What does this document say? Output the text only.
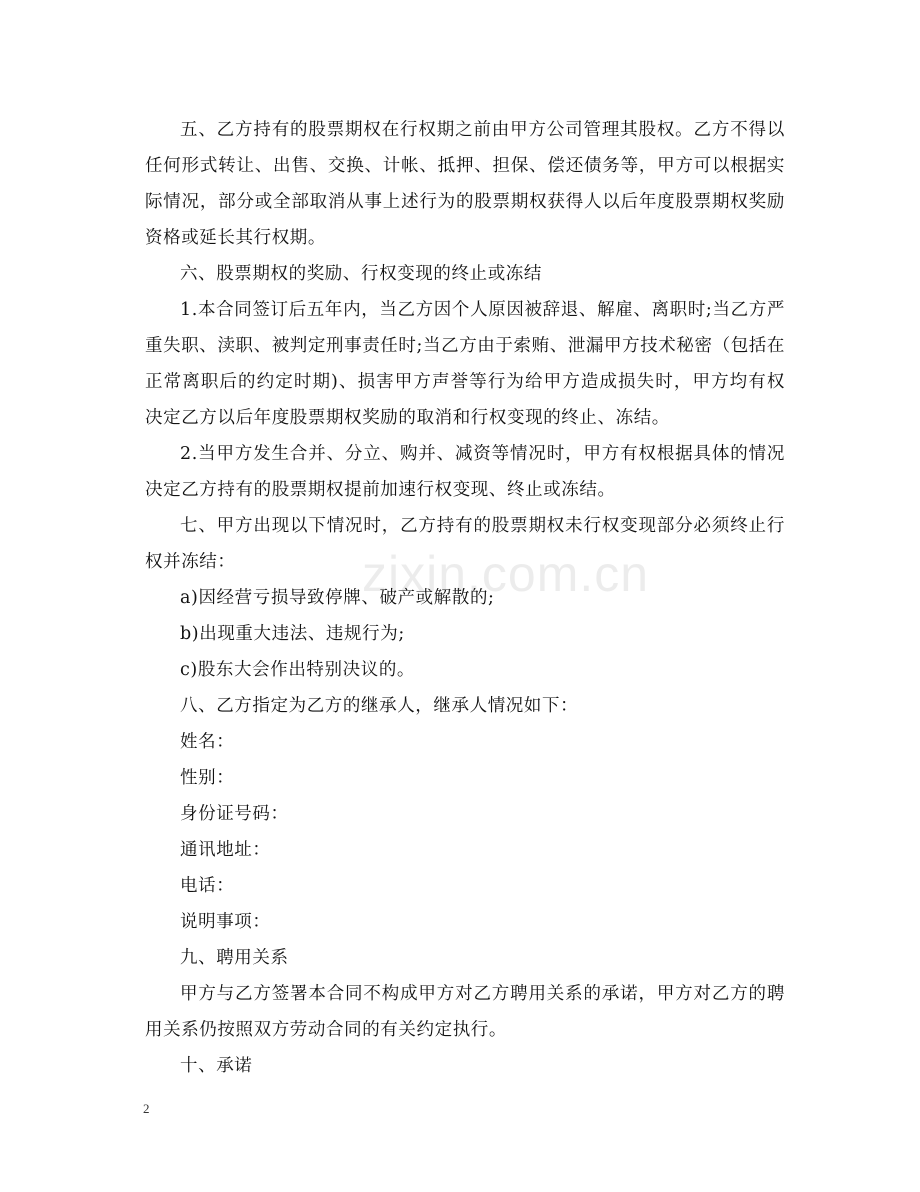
zixin.com.cn

五、乙方持有的股票期权在行权期之前由甲方公司管理其股权。乙方不得以任何形式转让、出售、交换、计帐、抵押、担保、偿还债务等，甲方可以根据实际情况，部分或全部取消从事上述行为的股票期权获得人以后年度股票期权奖励资格或延长其行权期。

六、股票期权的奖励、行权变现的终止或冻结

1.本合同签订后五年内，当乙方因个人原因被辞退、解雇、离职时;当乙方严重失职、渎职、被判定刑事责任时;当乙方由于索贿、泄漏甲方技术秘密（包括在正常离职后的约定时期)、损害甲方声誉等行为给甲方造成损失时，甲方均有权决定乙方以后年度股票期权奖励的取消和行权变现的终止、冻结。

2.当甲方发生合并、分立、购并、减资等情况时，甲方有权根据具体的情况决定乙方持有的股票期权提前加速行权变现、终止或冻结。

七、甲方出现以下情况时，乙方持有的股票期权未行权变现部分必须终止行权并冻结：

a)因经营亏损导致停牌、破产或解散的;

b)出现重大违法、违规行为;

c)股东大会作出特别决议的。

八、乙方指定为乙方的继承人，继承人情况如下：

姓名：

性别：

身份证号码：

通讯地址：

电话：

说明事项：

九、聘用关系

甲方与乙方签署本合同不构成甲方对乙方聘用关系的承诺，甲方对乙方的聘用关系仍按照双方劳动合同的有关约定执行。

十、承诺

2
